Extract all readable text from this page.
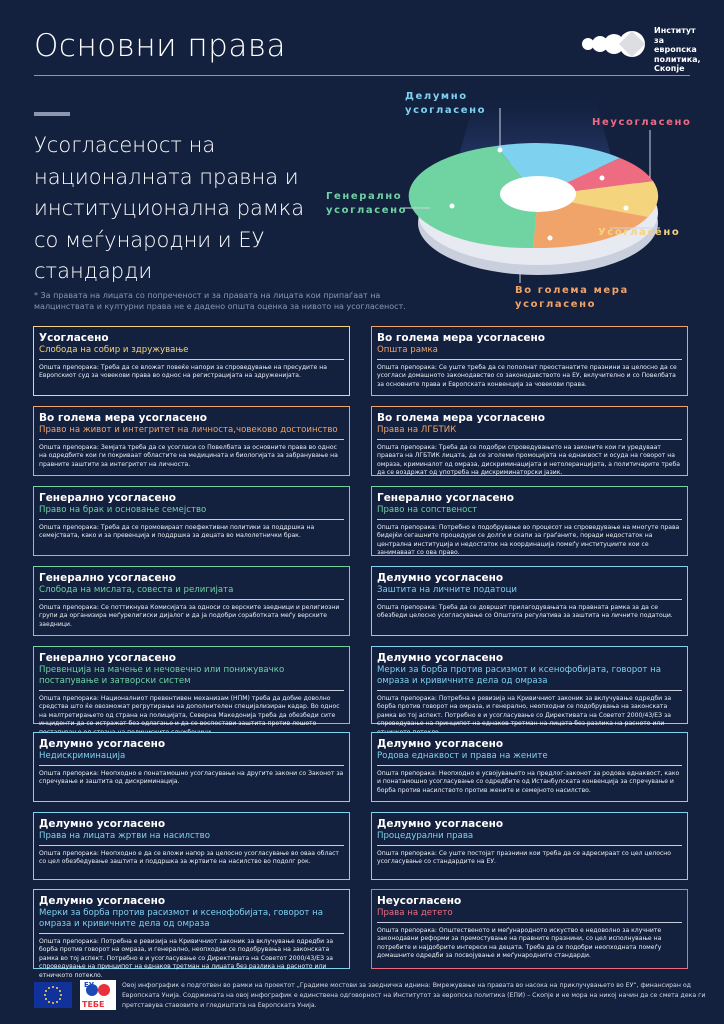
Основни права	Институт
за
европска
политика,
Скопје
Усогласеност на националната правна и институционална рамка со меѓународни и ЕУ стандарди
Делумно усогласено
Неусогласено
Генерално усогласено
Усогласено
Во голема мера усогласено
* За правата на лицата со попреченост и за правата на лицата кои припаѓаат на малцинствата и културни права не е дадено општа оценка за нивото на усогласеност.
Усогласено
Слобода на собир и здружување
Општа препорака: Треба да се вложат повеќе напори за спроведување на пресудите на Европскиот суд за човекови права во однос на регистрацијата на здруженијата.
Во голема мера усогласено
Општа рамка
Општа препорака: Се уште треба да се пополнат преостанатите празнини за целосно да се усогласи домашното законодавство со законодавството на ЕУ, вклучително и со Повелбата за основните права и Европската конвенција за човекови права.
Во голема мера усогласено
Право на живот и интегритет на личноста,човеково достоинство
Општа препорака: Земјата треба да се усогласи со Повелбата за основните права во однос на одредбите кои ги покриваат областите на медицината и биологијата за забранување на правните заштити за интегритет на личноста.
Во голема мера усогласено
Права на ЛГБТИК
Општа препорака: Треба да се подобри спроведувањето на законите кои ги уредуваат правата на ЛГБТИК лицата, да се зголеми промоцијата на еднаквост и осуда на говорот на омраза, криминалот од омраза, дискриминацијата и нетолеранцијата, а политичарите треба да се воздржат од употреба на дискриминаторски јазик.
Генерално усогласено
Право на брак и основање семејство
Општа препорака: Треба да се промовираат поефективни политики за поддршка на семејствата, како и за превенција и поддршка за децата во малолетнички брак.
Генерално усогласено
Право на сопственост
Општа препорака: Потребно е подобрување во процесот на спроведување на многуте права бидејќи сегашните процедури се долги и скапи за граѓаните, поради недостаток на централна институција и недостаток на координација помеѓу институциите кои се занимаваат со ова право.
Генерално усогласено
Слобода на мислата, совеста и религијата
Општа препорака: Се поттикнува Комисијата за односи со верските заедници и религиозни групи да организира меѓурелигиски дијалог и да ја подобри соработката меѓу верските заедници.
Делумно усогласено
Заштита на личните податоци
Општа препорака: Треба да се довршат прилагодувањата на правната рамка за да се обезбеди целосно усогласување со Општата регулатива за заштита на личните податоци.
Генерално усогласено
Превенција на мачење и нечовечно или понижувачко постапување и затворски систем
Општа препорака: Националниот превентивен механизам (НПМ) треба да добие доволно средства што ќе овозможат регрутирање на дополнителен специјализиран кадар. Во однос на малтретирањето од страна на полицијата, Северна Македонија треба да обезбеди сите инциденти да се истражат без одлагање и да се воспостави заштита против лошото
Делумно усогласено
Мерки за борба против расизмот и ксенофобијата, говорот на омраза и кривичните дела од омраза
Општа препорака: Потребна е ревизија на Кривичниот законик за вклучување одредби за борба против говорот на омраза, и генерално, неопходни се подобрувања на законската рамка во тој аспект. Потребно е и усогласување со Директивата на Советот 2000/43/ЕЗ за спроведување на принципот на еднаков третман на лицата без разлика на расното или
Делумно усогласено
Недискриминација
Општа препорака: Неопходно е понатамошно усогласување на другите закони со Законот за спречување и заштита од дискриминација.
Делумно усогласено
Родова еднаквост и права на жените
Општа препорака: Неопходно е усвојувањето на предлог-законот за родова еднаквост, како и понатамошно усогласување со одредбите од Истанбулската конвенција за спречување и борба против насилството против жените и семејното насилство.
Делумно усогласено
Права на лицата жртви на насилство
Општа препорака: Неопходно е да се вложи напор за целосно усогласување во оваа област со цел обезбедување заштита и поддршка за жртвите на насилство во подолг рок.
Делумно усогласено
Процедурални права
Општа препорака: Се уште постојат празнини кои треба да се адресираат со цел целосно усогласување со стандардите на ЕУ.
Делумно усогласено
Мерки за борба против расизмот и ксенофобијата, говорот на омраза и кривичните дела од омраза
Општа препорака: Потребна е ревизија на Кривичниот законик за вклучување одредби за борба против говорот на омраза, и генерално, неопходни се подобрувања на законската рамка во тој аспект. Потребно е и усогласување со Директивата на Советот 2000/43/ЕЗ за спроведување на принципот на еднаков третман на лицата без разлика на расното или етничкото потекло.
Неусогласено
Права на детето
Општа препорака: Општественото и меѓународното искуство е недоволно за клучните законодавни реформи за премостување на правните празнини, со цел исполнување на потребите и најдобрите интереси на децата. Треба да се подобри неопходната помеѓу домашните одредби за посвојување и меѓународните стандарди.
ЕУ
ТЕБЕ
Овој инфографик е подготвен во рамки на проектот „Градиме мостови за заедничка иднина: Вмрежување на правата во насока на приклучувањето во ЕУ“, финансиран од Европската Унија. Содржината на овој инфографик е единствена одговорност на Институтот за европска политика (ЕПИ) – Скопје и не мора на никој начин да се смета дека ги претставува ставовите и гледиштата на Европската Унија.
